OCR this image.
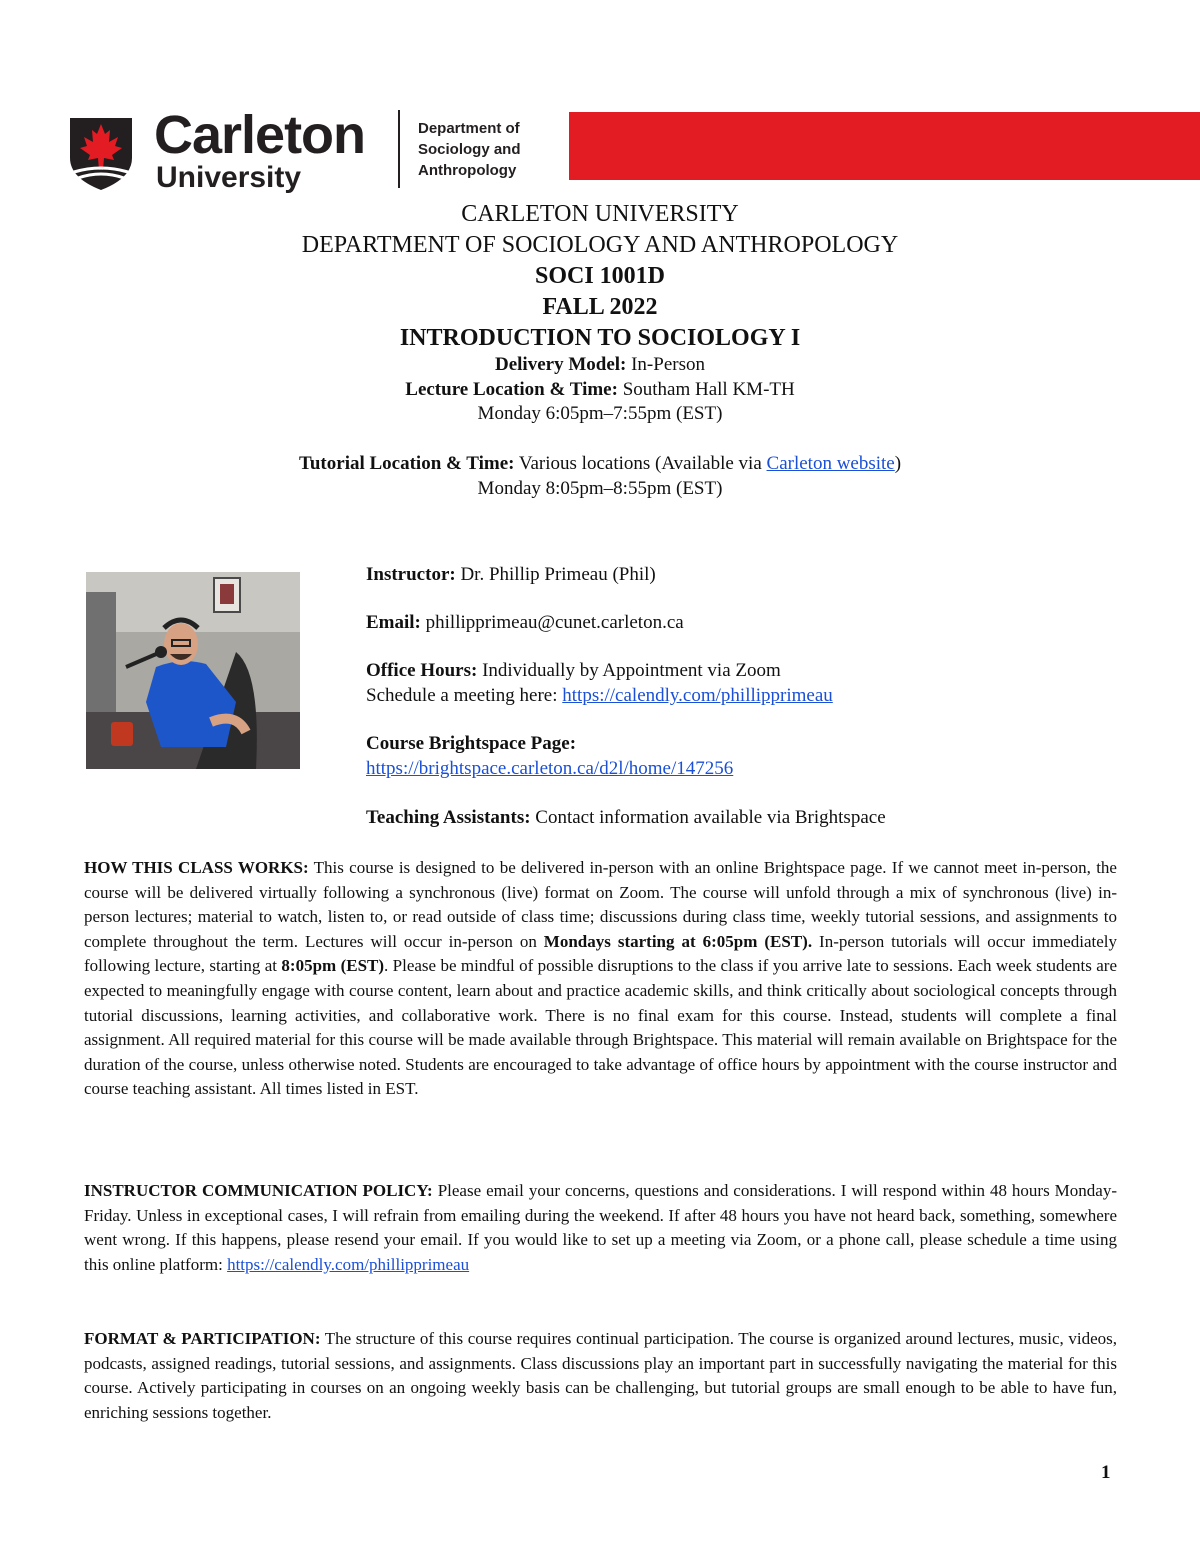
Carleton
University
Department of Sociology and Anthropology
CARLETON UNIVERSITY
DEPARTMENT OF SOCIOLOGY AND ANTHROPOLOGY
SOCI 1001D
FALL 2022
INTRODUCTION TO SOCIOLOGY I
Delivery Model: In-Person
Lecture Location & Time: Southam Hall KM-TH
Monday 6:05pm–7:55pm (EST)
Tutorial Location & Time: Various locations (Available via Carleton website)
Monday 8:05pm–8:55pm (EST)
Instructor: Dr. Phillip Primeau (Phil)
Email: phillipprimeau@cunet.carleton.ca
Office Hours: Individually by Appointment via Zoom
Schedule a meeting here: https://calendly.com/phillipprimeau
Course Brightspace Page:
https://brightspace.carleton.ca/d2l/home/147256
Teaching Assistants: Contact information available via Brightspace
HOW THIS CLASS WORKS: This course is designed to be delivered in-person with an online Brightspace page. If we cannot meet in-person, the course will be delivered virtually following a synchronous (live) format on Zoom. The course will unfold through a mix of synchronous (live) in-person lectures; material to watch, listen to, or read outside of class time; discussions during class time, weekly tutorial sessions, and assignments to complete throughout the term. Lectures will occur in-person on Mondays starting at 6:05pm (EST). In-person tutorials will occur immediately following lecture, starting at 8:05pm (EST). Please be mindful of possible disruptions to the class if you arrive late to sessions. Each week students are expected to meaningfully engage with course content, learn about and practice academic skills, and think critically about sociological concepts through tutorial discussions, learning activities, and collaborative work. There is no final exam for this course. Instead, students will complete a final assignment. All required material for this course will be made available through Brightspace. This material will remain available on Brightspace for the duration of the course, unless otherwise noted. Students are encouraged to take advantage of office hours by appointment with the course instructor and course teaching assistant. All times listed in EST.
INSTRUCTOR COMMUNICATION POLICY: Please email your concerns, questions and considerations. I will respond within 48 hours Monday-Friday. Unless in exceptional cases, I will refrain from emailing during the weekend. If after 48 hours you have not heard back, something, somewhere went wrong. If this happens, please resend your email. If you would like to set up a meeting via Zoom, or a phone call, please schedule a time using this online platform: https://calendly.com/phillipprimeau
FORMAT & PARTICIPATION: The structure of this course requires continual participation. The course is organized around lectures, music, videos, podcasts, assigned readings, tutorial sessions, and assignments. Class discussions play an important part in successfully navigating the material for this course. Actively participating in courses on an ongoing weekly basis can be challenging, but tutorial groups are small enough to be able to have fun, enriching sessions together.
1
